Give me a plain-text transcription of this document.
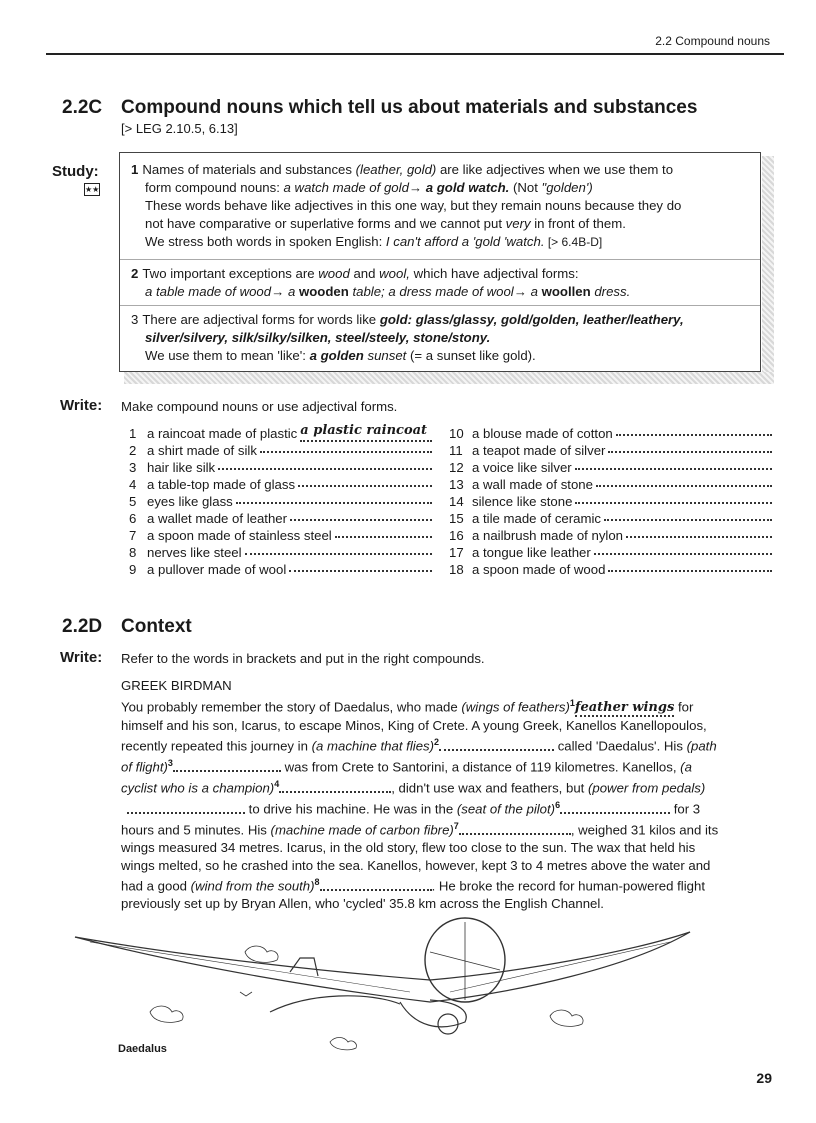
2.2 Compound nouns
2.2C Compound nouns which tell us about materials and substances
[> LEG 2.10.5, 6.13]
Study:
★★
1 Names of materials and substances (leather, gold) are like adjectives when we use them to
form compound nouns: a watch made of gold→ a gold watch. (Not "golden')
These words behave like adjectives in this one way, but they remain nouns because they do
not have comparative or superlative forms and we cannot put very in front of them.
We stress both words in spoken English: I can't afford a 'gold 'watch. [> 6.4B-D]
2 Two important exceptions are wood and wool, which have adjectival forms:
a table made of wood→ a wooden table; a dress made of wool→ a woollen dress.
3 There are adjectival forms for words like gold: glass/glassy, gold/golden, leather/leathery,
silver/silvery, silk/silky/silken, steel/steely, stone/stony.
We use them to mean 'like': a golden sunset (= a sunset like gold).
Write: Make compound nouns or use adjectival forms.
1 a raincoat made of plastic a plastic raincoat
2 a shirt made of silk
3 hair like silk
4 a table-top made of glass
5 eyes like glass
6 a wallet made of leather
7 a spoon made of stainless steel
8 nerves like steel
9 a pullover made of wool
10 a blouse made of cotton
11 a teapot made of silver
12 a voice like silver
13 a wall made of stone
14 silence like stone
15 a tile made of ceramic
16 a nailbrush made of nylon
17 a tongue like leather
18 a spoon made of wood
2.2D Context
Write: Refer to the words in brackets and put in the right compounds.
GREEK BIRDMAN
You probably remember the story of Daedalus, who made (wings of feathers)$^1$feather wings for
himself and his son, Icarus, to escape Minos, King of Crete. A young Greek, Kanellos Kanellopoulos,
recently repeated this journey in (a machine that flies)$^2$	called 'Daedalus'. His (path
of flight)$^3$	was from Crete to Santorini, a distance of 119 kilometres. Kanellos, (a
cyclist who is a champion)$^4$	, didn't use wax and feathers, but (power from pedals)
to drive his machine. He was in the (seat of the pilot)$^6$	for 3
hours and 5 minutes. His (machine made of carbon fibre)$^7$	, weighed 31 kilos and its
wings measured 34 metres. Icarus, in the old story, flew too close to the sun. The wax that held his
wings melted, so he crashed into the sea. Kanellos, however, kept 3 to 4 metres above the water and
had a good (wind from the south)$^8$	. He broke the record for human-powered flight
previously set up by Bryan Allen, who 'cycled' 35.8 km across the English Channel.
Daedalus
29
